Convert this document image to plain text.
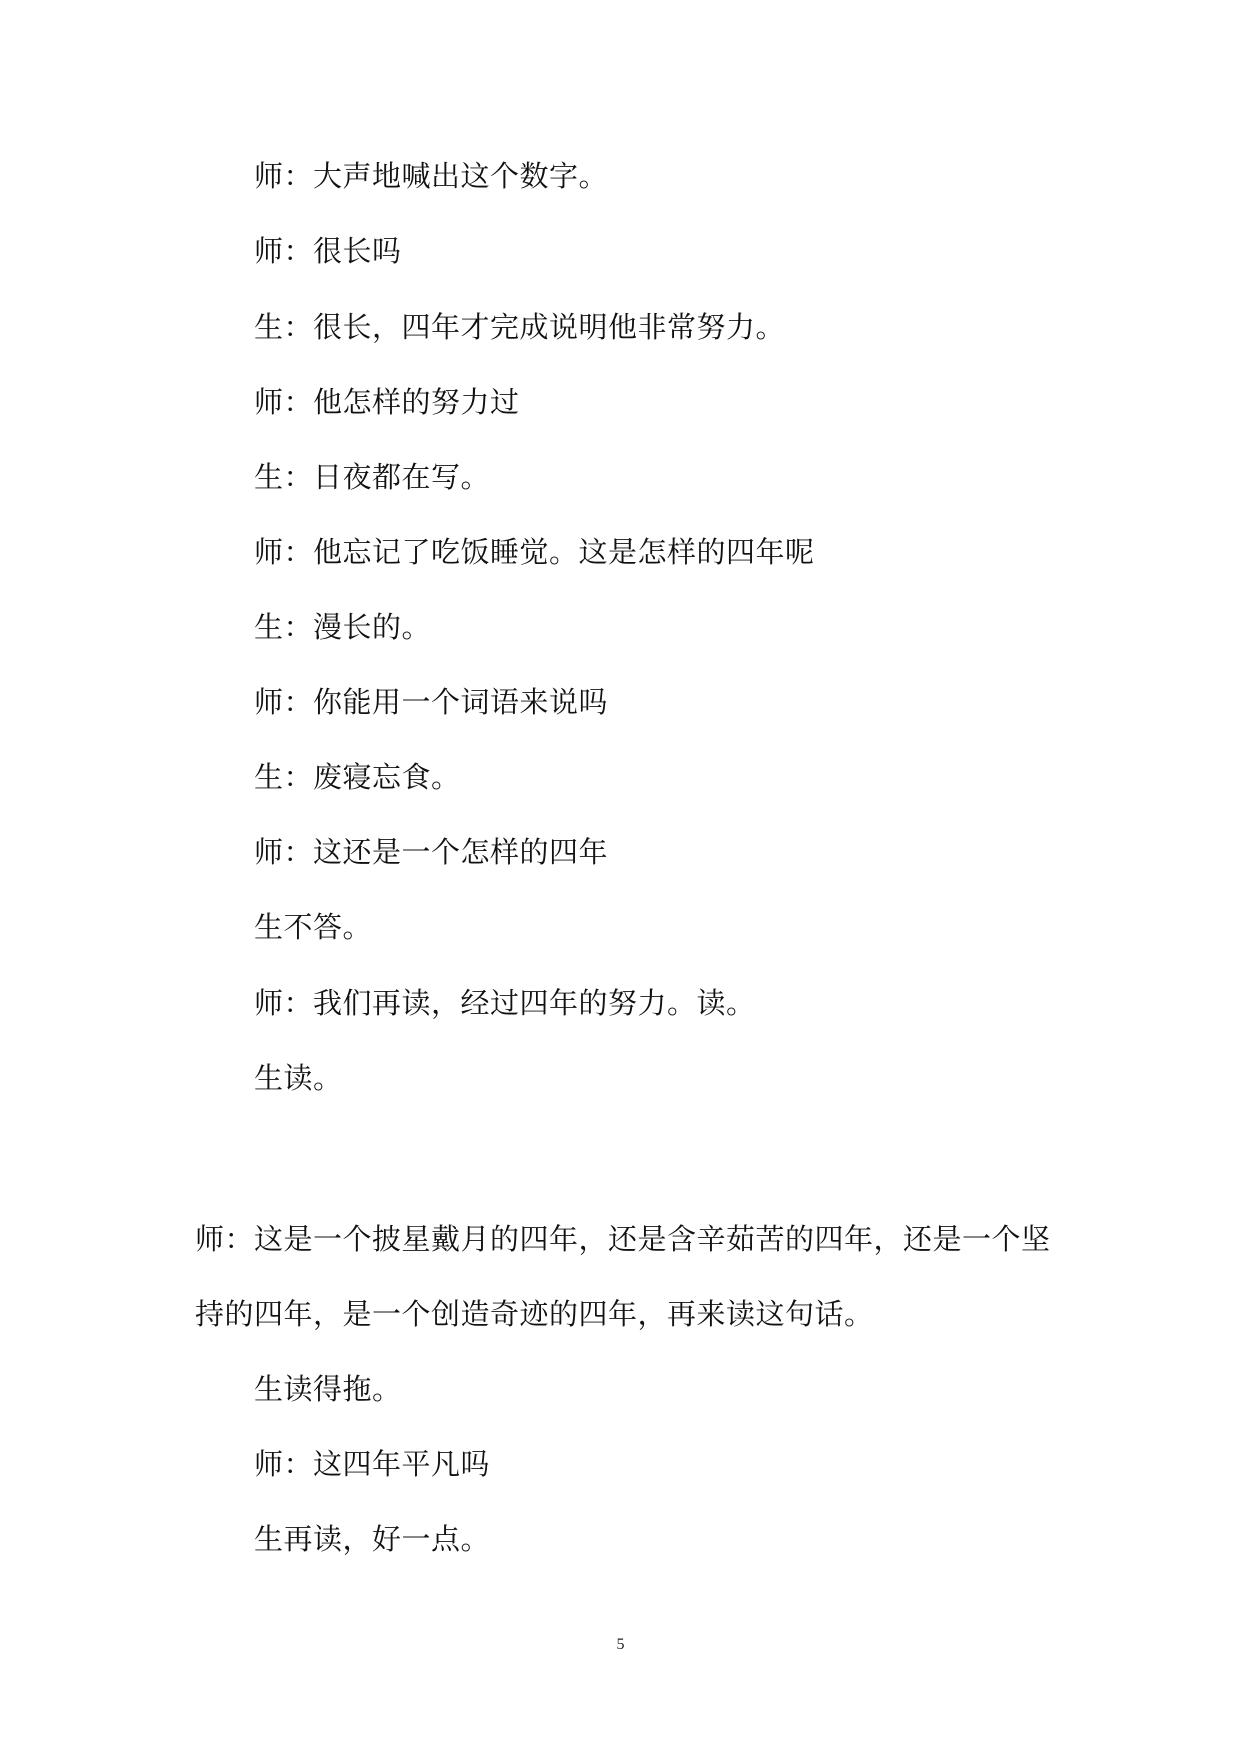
师：大声地喊出这个数字。
师：很长吗
生：很长，四年才完成说明他非常努力。
师：他怎样的努力过
生：日夜都在写。
师：他忘记了吃饭睡觉。这是怎样的四年呢
生：漫长的。
师：你能用一个词语来说吗
生：废寝忘食。
师：这还是一个怎样的四年
生不答。
师：我们再读，经过四年的努力。读。
生读。
师：这是一个披星戴月的四年，还是含辛茹苦的四年，还是一个坚
持的四年，是一个创造奇迹的四年，再来读这句话。
生读得拖。
师：这四年平凡吗
生再读，好一点。
5
